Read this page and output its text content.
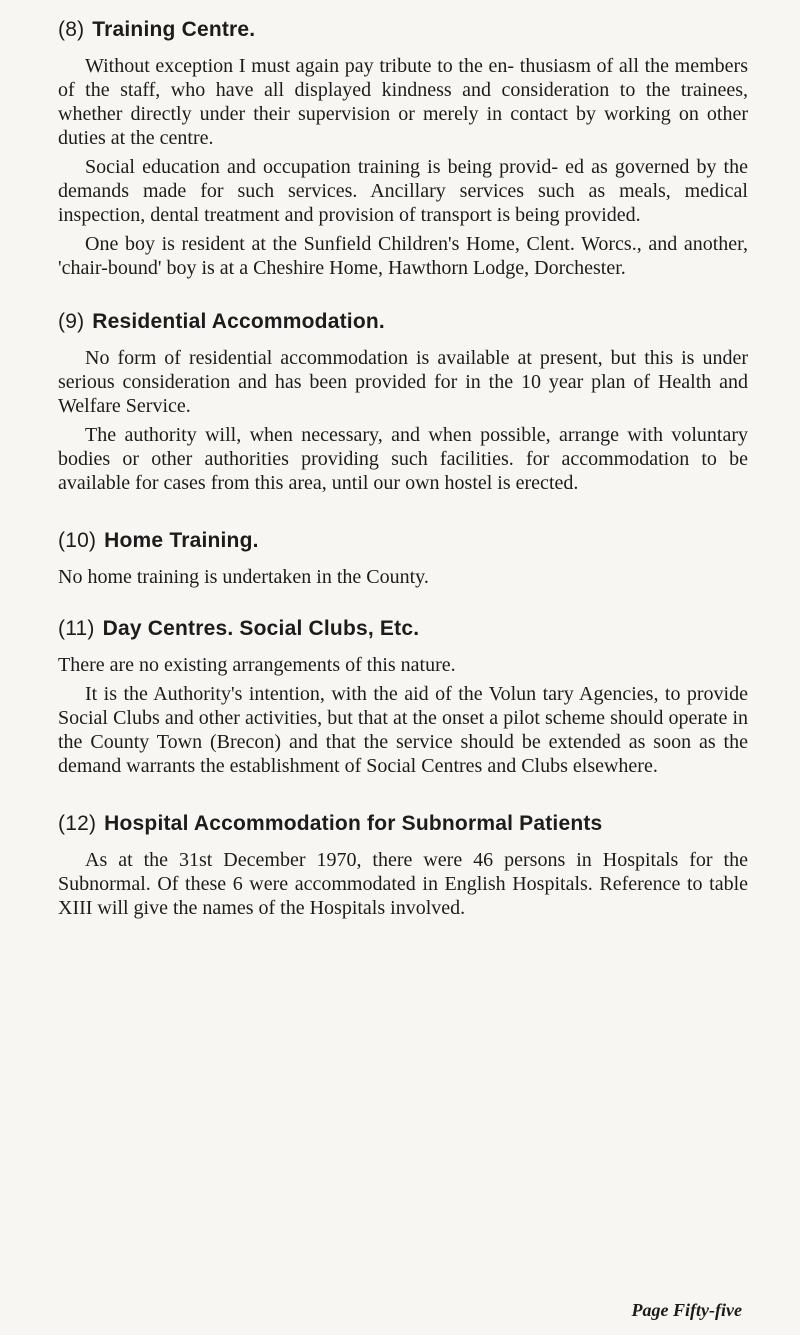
(8) Training Centre.

Without exception I must again pay tribute to the en- thusiasm of all the members of the staff, who have all displayed kindness and consideration to the trainees, whether directly under their supervision or merely in contact by working on other duties at the centre.

Social education and occupation training is being provid- ed as governed by the demands made for such services. Ancillary services such as meals, medical inspection, dental treatment and provision of transport is being provided.

One boy is resident at the Sunfield Children's Home, Clent. Worcs., and another, 'chair-bound' boy is at a Cheshire Home, Hawthorn Lodge, Dorchester.

(9) Residential Accommodation.

No form of residential accommodation is available at present, but this is under serious consideration and has been provided for in the 10 year plan of Health and Welfare Service.

The authority will, when necessary, and when possible, arrange with voluntary bodies or other authorities providing such facilities. for accommodation to be available for cases from this area, until our own hostel is erected.

(10) Home Training.

No home training is undertaken in the County.

(11) Day Centres. Social Clubs, Etc.

There are no existing arrangements of this nature.

It is the Authority's intention, with the aid of the Volun tary Agencies, to provide Social Clubs and other activities, but that at the onset a pilot scheme should operate in the County Town (Brecon) and that the service should be extended as soon as the demand warrants the establishment of Social Centres and Clubs elsewhere.

(12) Hospital Accommodation for Subnormal Patients

As at the 31st December 1970, there were 46 persons in Hospitals for the Subnormal. Of these 6 were accommodated in English Hospitals. Reference to table XIII will give the names of the Hospitals involved.

Page Fifty-five
